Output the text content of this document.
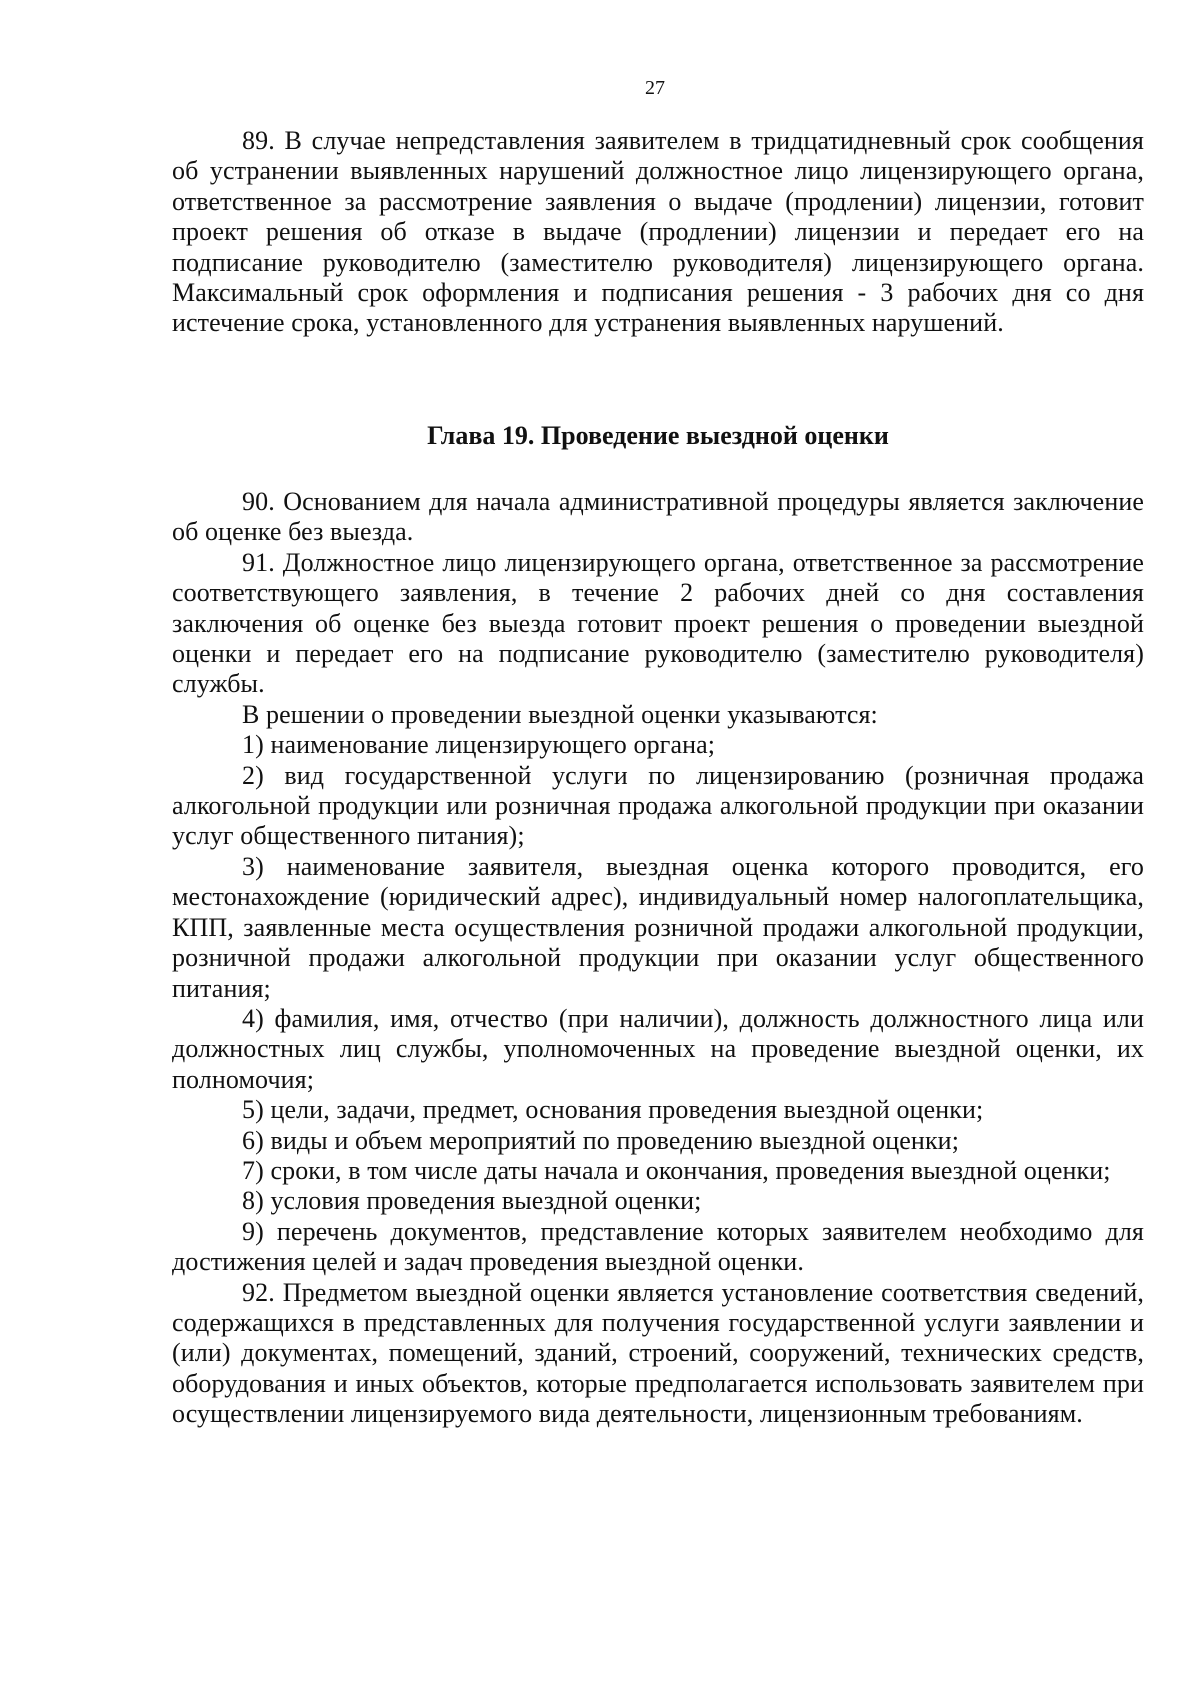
27

89. В случае непредставления заявителем в тридцатидневный срок сообщения об устранении выявленных нарушений должностное лицо лицензирующего органа, ответственное за рассмотрение заявления о выдаче (продлении) лицензии, готовит проект решения об отказе в выдаче (продлении) лицензии и передает его на подписание руководителю (заместителю руководителя) лицензирующего органа. Максимальный срок оформления и подписания решения - 3 рабочих дня со дня истечение срока, установленного для устранения выявленных нарушений.

Глава 19. Проведение выездной оценки

90. Основанием для начала административной процедуры является заключение об оценке без выезда.

91. Должностное лицо лицензирующего органа, ответственное за рассмотрение соответствующего заявления, в течение 2 рабочих дней со дня составления заключения об оценке без выезда готовит проект решения о проведении выездной оценки и передает его на подписание руководителю (заместителю руководителя) службы.

В решении о проведении выездной оценки указываются:

1) наименование лицензирующего органа;

2) вид государственной услуги по лицензированию (розничная продажа алкогольной продукции или розничная продажа алкогольной продукции при оказании услуг общественного питания);

3) наименование заявителя, выездная оценка которого проводится, его местонахождение (юридический адрес), индивидуальный номер налогоплательщика, КПП, заявленные места осуществления розничной продажи алкогольной продукции, розничной продажи алкогольной продукции при оказании услуг общественного питания;

4) фамилия, имя, отчество (при наличии), должность должностного лица или должностных лиц службы, уполномоченных на проведение выездной оценки, их полномочия;

5) цели, задачи, предмет, основания проведения выездной оценки;

6) виды и объем мероприятий по проведению выездной оценки;

7) сроки, в том числе даты начала и окончания, проведения выездной оценки;

8) условия проведения выездной оценки;

9) перечень документов, представление которых заявителем необходимо для достижения целей и задач проведения выездной оценки.

92. Предметом выездной оценки является установление соответствия сведений, содержащихся в представленных для получения государственной услуги заявлении и (или) документах, помещений, зданий, строений, сооружений, технических средств, оборудования и иных объектов, которые предполагается использовать заявителем при осуществлении лицензируемого вида деятельности, лицензионным требованиям.
